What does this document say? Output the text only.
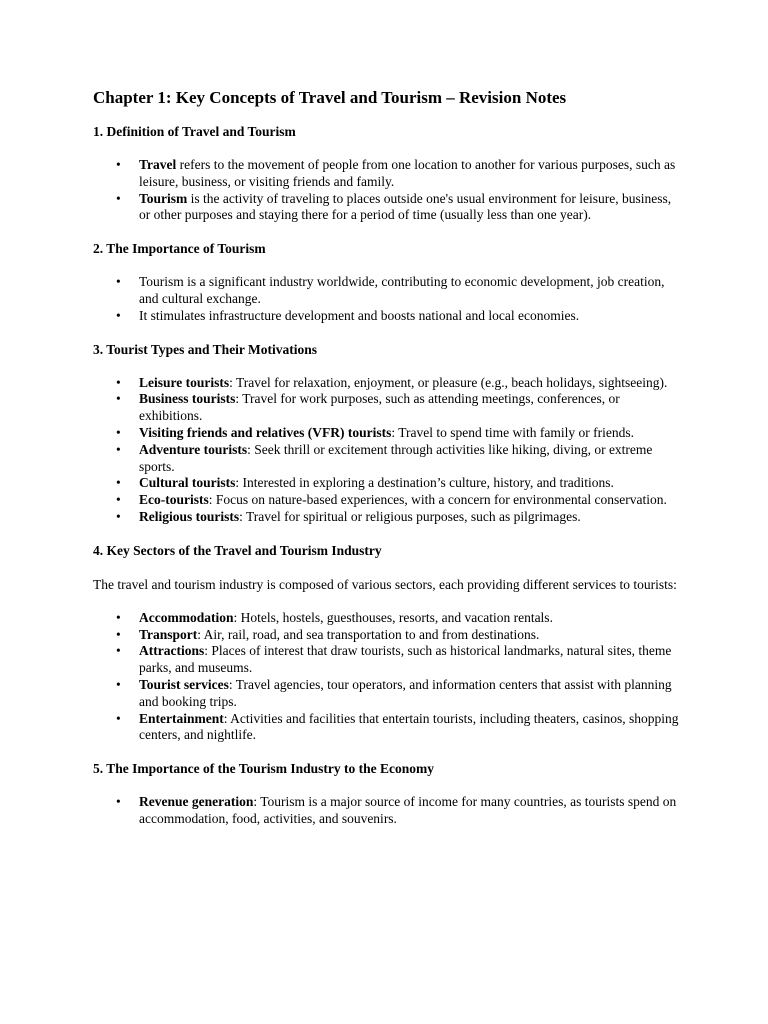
Chapter 1: Key Concepts of Travel and Tourism – Revision Notes
1. Definition of Travel and Tourism
• Travel refers to the movement of people from one location to another for various purposes, such as leisure, business, or visiting friends and family.
• Tourism is the activity of traveling to places outside one's usual environment for leisure, business, or other purposes and staying there for a period of time (usually less than one year).
2. The Importance of Tourism
• Tourism is a significant industry worldwide, contributing to economic development, job creation, and cultural exchange.
• It stimulates infrastructure development and boosts national and local economies.
3. Tourist Types and Their Motivations
• Leisure tourists: Travel for relaxation, enjoyment, or pleasure (e.g., beach holidays, sightseeing).
• Business tourists: Travel for work purposes, such as attending meetings, conferences, or exhibitions.
• Visiting friends and relatives (VFR) tourists: Travel to spend time with family or friends.
• Adventure tourists: Seek thrill or excitement through activities like hiking, diving, or extreme sports.
• Cultural tourists: Interested in exploring a destination’s culture, history, and traditions.
• Eco-tourists: Focus on nature-based experiences, with a concern for environmental conservation.
• Religious tourists: Travel for spiritual or religious purposes, such as pilgrimages.
4. Key Sectors of the Travel and Tourism Industry

The travel and tourism industry is composed of various sectors, each providing different services to tourists:

• Accommodation: Hotels, hostels, guesthouses, resorts, and vacation rentals.
• Transport: Air, rail, road, and sea transportation to and from destinations.
• Attractions: Places of interest that draw tourists, such as historical landmarks, natural sites, theme parks, and museums.
• Tourist services: Travel agencies, tour operators, and information centers that assist with planning and booking trips.
• Entertainment: Activities and facilities that entertain tourists, including theaters, casinos, shopping centers, and nightlife.
5. The Importance of the Tourism Industry to the Economy
• Revenue generation: Tourism is a major source of income for many countries, as tourists spend on accommodation, food, activities, and souvenirs.
